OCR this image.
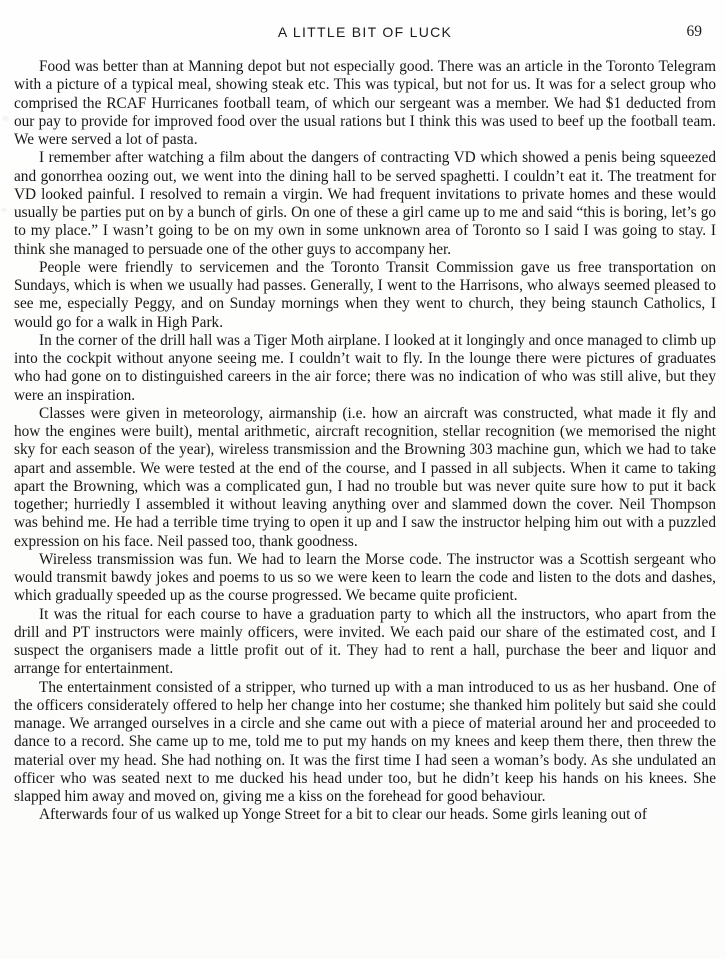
A LITTLE BIT OF LUCK	69

Food was better than at Manning depot but not especially good. There was an article in the Toronto Telegram with a picture of a typical meal, showing steak etc. This was typical, but not for us. It was for a select group who comprised the RCAF Hurricanes football team, of which our sergeant was a member. We had $1 deducted from our pay to provide for improved food over the usual rations but I think this was used to beef up the football team. We were served a lot of pasta.

I remember after watching a film about the dangers of contracting VD which showed a penis being squeezed and gonorrhea oozing out, we went into the dining hall to be served spaghetti. I couldn’t eat it. The treatment for VD looked painful. I resolved to remain a virgin. We had frequent invitations to private homes and these would usually be parties put on by a bunch of girls. On one of these a girl came up to me and said “this is boring, let’s go to my place.” I wasn’t going to be on my own in some unknown area of Toronto so I said I was going to stay. I think she managed to persuade one of the other guys to accompany her.

People were friendly to servicemen and the Toronto Transit Commission gave us free transportation on Sundays, which is when we usually had passes. Generally, I went to the Harrisons, who always seemed pleased to see me, especially Peggy, and on Sunday mornings when they went to church, they being staunch Catholics, I would go for a walk in High Park.

In the corner of the drill hall was a Tiger Moth airplane. I looked at it longingly and once managed to climb up into the cockpit without anyone seeing me. I couldn’t wait to fly. In the lounge there were pictures of graduates who had gone on to distinguished careers in the air force; there was no indication of who was still alive, but they were an inspiration.

Classes were given in meteorology, airmanship (i.e. how an aircraft was constructed, what made it fly and how the engines were built), mental arithmetic, aircraft recognition, stellar recognition (we memorised the night sky for each season of the year), wireless transmission and the Browning 303 machine gun, which we had to take apart and assemble. We were tested at the end of the course, and I passed in all subjects. When it came to taking apart the Browning, which was a complicated gun, I had no trouble but was never quite sure how to put it back together; hurriedly I assembled it without leaving anything over and slammed down the cover. Neil Thompson was behind me. He had a terrible time trying to open it up and I saw the instructor helping him out with a puzzled expression on his face. Neil passed too, thank goodness.

Wireless transmission was fun. We had to learn the Morse code. The instructor was a Scottish sergeant who would transmit bawdy jokes and poems to us so we were keen to learn the code and listen to the dots and dashes, which gradually speeded up as the course progressed. We became quite proficient.

It was the ritual for each course to have a graduation party to which all the instructors, who apart from the drill and PT instructors were mainly officers, were invited. We each paid our share of the estimated cost, and I suspect the organisers made a little profit out of it. They had to rent a hall, purchase the beer and liquor and arrange for entertainment.

The entertainment consisted of a stripper, who turned up with a man introduced to us as her husband. One of the officers considerately offered to help her change into her costume; she thanked him politely but said she could manage. We arranged ourselves in a circle and she came out with a piece of material around her and proceeded to dance to a record. She came up to me, told me to put my hands on my knees and keep them there, then threw the material over my head. She had nothing on. It was the first time I had seen a woman’s body. As she undulated an officer who was seated next to me ducked his head under too, but he didn’t keep his hands on his knees. She slapped him away and moved on, giving me a kiss on the forehead for good behaviour.

Afterwards four of us walked up Yonge Street for a bit to clear our heads. Some girls leaning out of
